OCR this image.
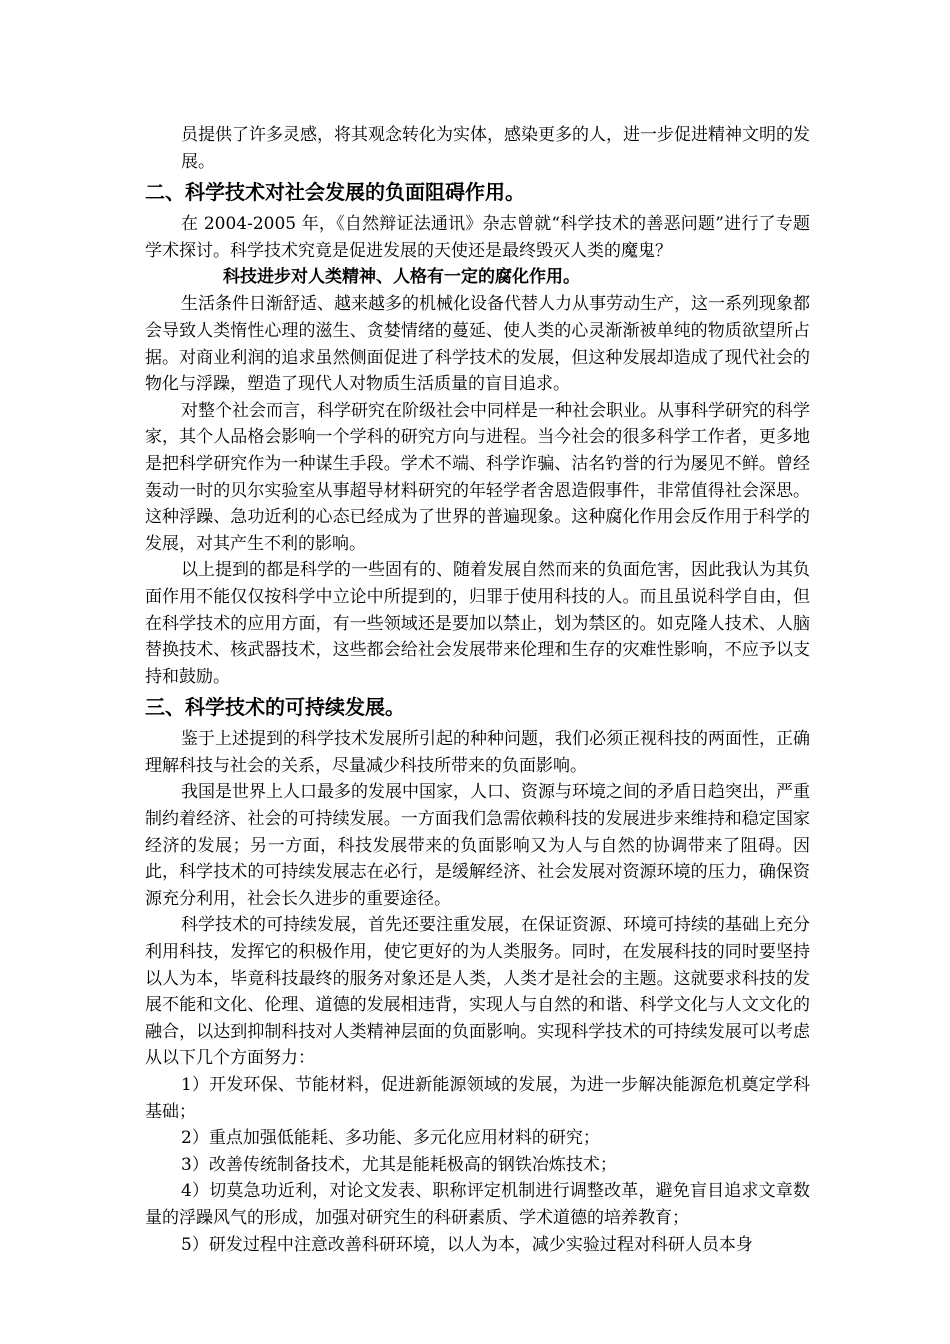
员提供了许多灵感，将其观念转化为实体，感染更多的人，进一步促进精神文明的发展。

二、科学技术对社会发展的负面阻碍作用。

在 2004-2005 年，《自然辩证法通讯》杂志曾就“科学技术的善恶问题”进行了专题学术探讨。科学技术究竟是促进发展的天使还是最终毁灭人类的魔鬼？

科技进步对人类精神、人格有一定的腐化作用。

生活条件日渐舒适、越来越多的机械化设备代替人力从事劳动生产，这一系列现象都会导致人类惰性心理的滋生、贪婪情绪的蔓延、使人类的心灵渐渐被单纯的物质欲望所占据。对商业利润的追求虽然侧面促进了科学技术的发展，但这种发展却造成了现代社会的物化与浮躁，塑造了现代人对物质生活质量的盲目追求。

对整个社会而言，科学研究在阶级社会中同样是一种社会职业。从事科学研究的科学家，其个人品格会影响一个学科的研究方向与进程。当今社会的很多科学工作者，更多地是把科学研究作为一种谋生手段。学术不端、科学诈骗、沽名钓誉的行为屡见不鲜。曾经轰动一时的贝尔实验室从事超导材料研究的年轻学者舍恩造假事件，非常值得社会深思。这种浮躁、急功近利的心态已经成为了世界的普遍现象。这种腐化作用会反作用于科学的发展，对其产生不利的影响。

以上提到的都是科学的一些固有的、随着发展自然而来的负面危害，因此我认为其负面作用不能仅仅按科学中立论中所提到的，归罪于使用科技的人。而且虽说科学自由，但在科学技术的应用方面，有一些领域还是要加以禁止，划为禁区的。如克隆人技术、人脑替换技术、核武器技术，这些都会给社会发展带来伦理和生存的灾难性影响，不应予以支持和鼓励。

三、科学技术的可持续发展。

鉴于上述提到的科学技术发展所引起的种种问题，我们必须正视科技的两面性，正确理解科技与社会的关系，尽量减少科技所带来的负面影响。

我国是世界上人口最多的发展中国家，人口、资源与环境之间的矛盾日趋突出，严重制约着经济、社会的可持续发展。一方面我们急需依赖科技的发展进步来维持和稳定国家经济的发展；另一方面，科技发展带来的负面影响又为人与自然的协调带来了阻碍。因此，科学技术的可持续发展志在必行，是缓解经济、社会发展对资源环境的压力，确保资源充分利用，社会长久进步的重要途径。

科学技术的可持续发展，首先还要注重发展，在保证资源、环境可持续的基础上充分利用科技，发挥它的积极作用，使它更好的为人类服务。同时，在发展科技的同时要坚持以人为本，毕竟科技最终的服务对象还是人类，人类才是社会的主题。这就要求科技的发展不能和文化、伦理、道德的发展相违背，实现人与自然的和谐、科学文化与人文文化的融合，以达到抑制科技对人类精神层面的负面影响。实现科学技术的可持续发展可以考虑从以下几个方面努力：

1）开发环保、节能材料，促进新能源领域的发展，为进一步解决能源危机奠定学科基础；

2）重点加强低能耗、多功能、多元化应用材料的研究；

3）改善传统制备技术，尤其是能耗极高的钢铁冶炼技术；

4）切莫急功近利，对论文发表、职称评定机制进行调整改革，避免盲目追求文章数量的浮躁风气的形成，加强对研究生的科研素质、学术道德的培养教育；

5）研发过程中注意改善科研环境，以人为本，减少实验过程对科研人员本身
